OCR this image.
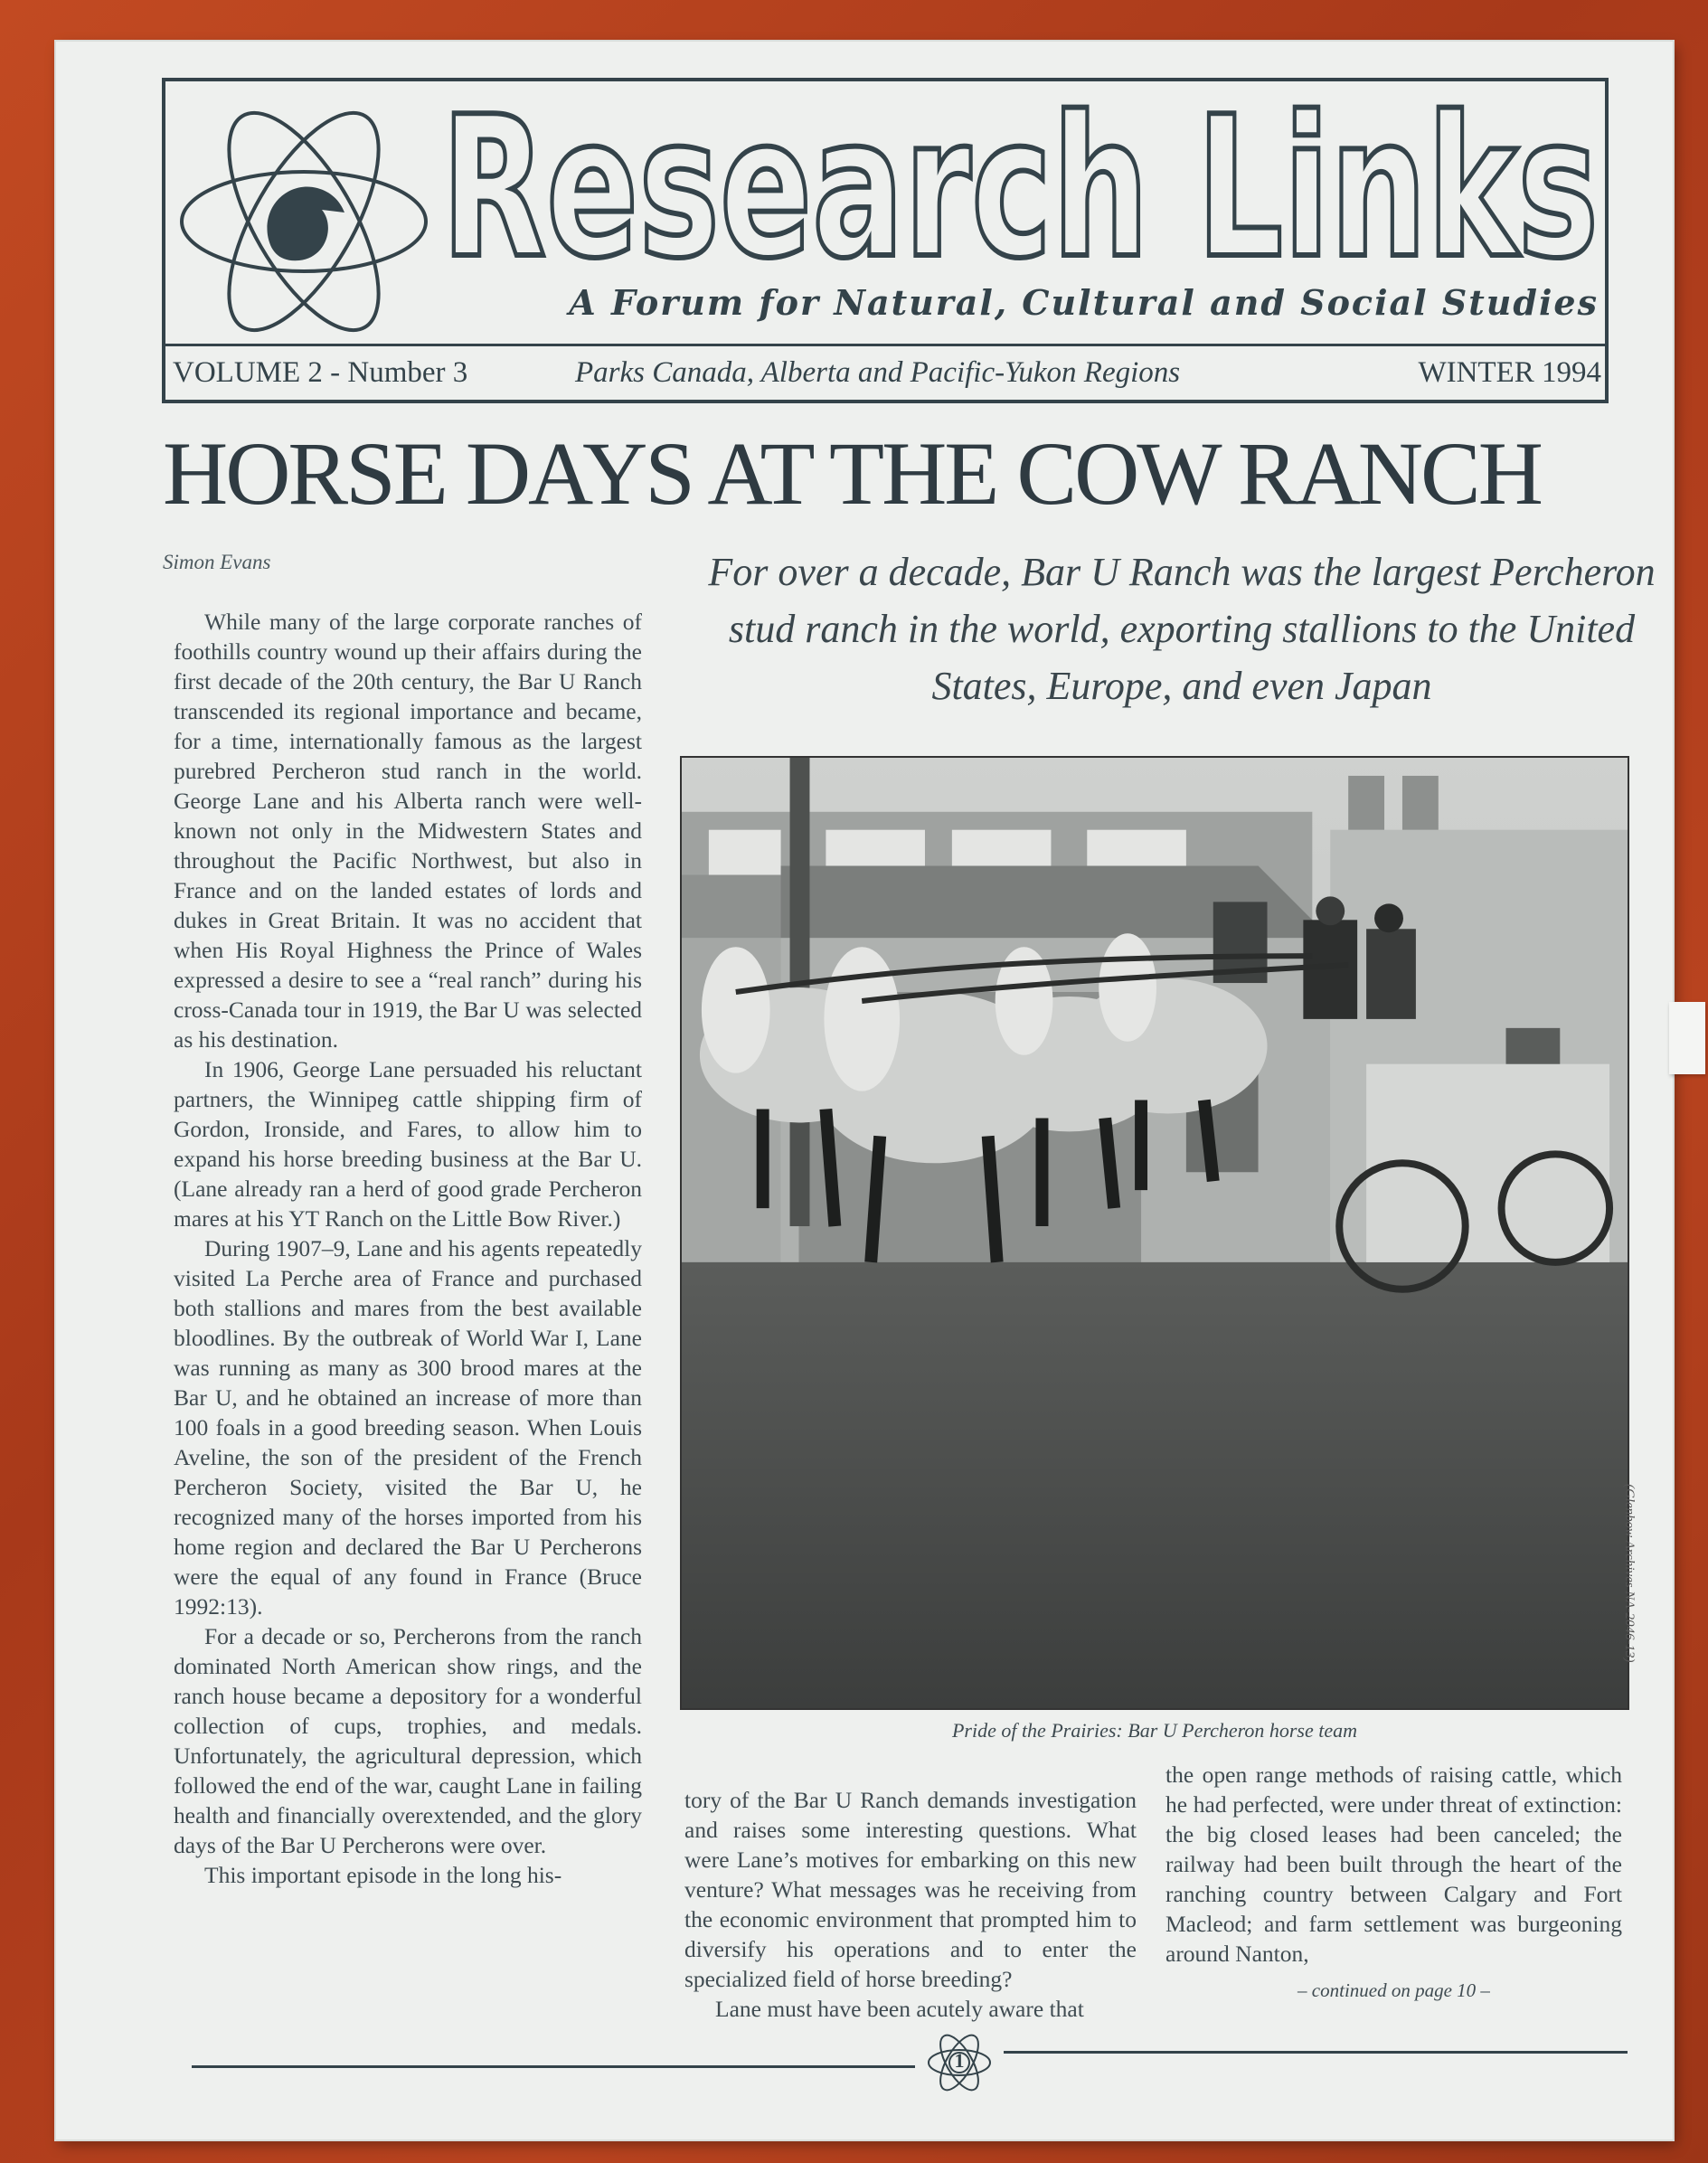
Research Links
A Forum for Natural, Cultural and Social Studies
VOLUME 2 - Number 3	Parks Canada, Alberta and Pacific-Yukon Regions	WINTER 1994
HORSE DAYS AT THE COW RANCH
Simon Evans	For over a decade, Bar U Ranch was the largest Percheron stud ranch in the world, exporting stallions to the United States, Europe, and even Japan

While many of the large corporate ranches of foothills country wound up their affairs during the first decade of the 20th century, the Bar U Ranch transcended its regional importance and became, for a time, internationally famous as the largest purebred Percheron stud ranch in the world. George Lane and his Alberta ranch were well-known not only in the Midwestern States and throughout the Pacific Northwest, but also in France and on the landed estates of lords and dukes in Great Britain. It was no accident that when His Royal Highness the Prince of Wales expressed a desire to see a “real ranch” during his cross-Canada tour in 1919, the Bar U was selected as his destination.

In 1906, George Lane persuaded his reluctant partners, the Winnipeg cattle shipping firm of Gordon, Ironside, and Fares, to allow him to expand his horse breeding business at the Bar U. (Lane already ran a herd of good grade Percheron mares at his YT Ranch on the Little Bow River.)

During 1907–9, Lane and his agents repeatedly visited La Perche area of France and purchased both stallions and mares from the best available bloodlines. By the outbreak of World War I, Lane was running as many as 300 brood mares at the Bar U, and he obtained an increase of more than 100 foals in a good breeding season. When Louis Aveline, the son of the president of the French Percheron Society, visited the Bar U, he recognized many of the horses imported from his home region and declared the Bar U Percherons were the equal of any found in France (Bruce 1992:13).

For a decade or so, Percherons from the ranch dominated North American show rings, and the ranch house became a depository for a wonderful collection of cups, trophies, and medals. Unfortunately, the agricultural depression, which followed the end of the war, caught Lane in failing health and financially overextended, and the glory days of the Bar U Percherons were over.

This important episode in the long his-

(Glenbow Archives NA-2046-13)
Pride of the Prairies: Bar U Percheron horse team

tory of the Bar U Ranch demands investigation and raises some interesting questions. What were Lane’s motives for embarking on this new venture? What messages was he receiving from the economic environment that prompted him to diversify his operations and to enter the specialized field of horse breeding?

Lane must have been acutely aware that

the open range methods of raising cattle, which he had perfected, were under threat of extinction: the big closed leases had been canceled; the railway had been built through the heart of the ranching country between Calgary and Fort Macleod; and farm settlement was burgeoning around Nanton,

– continued on page 10 –
1
